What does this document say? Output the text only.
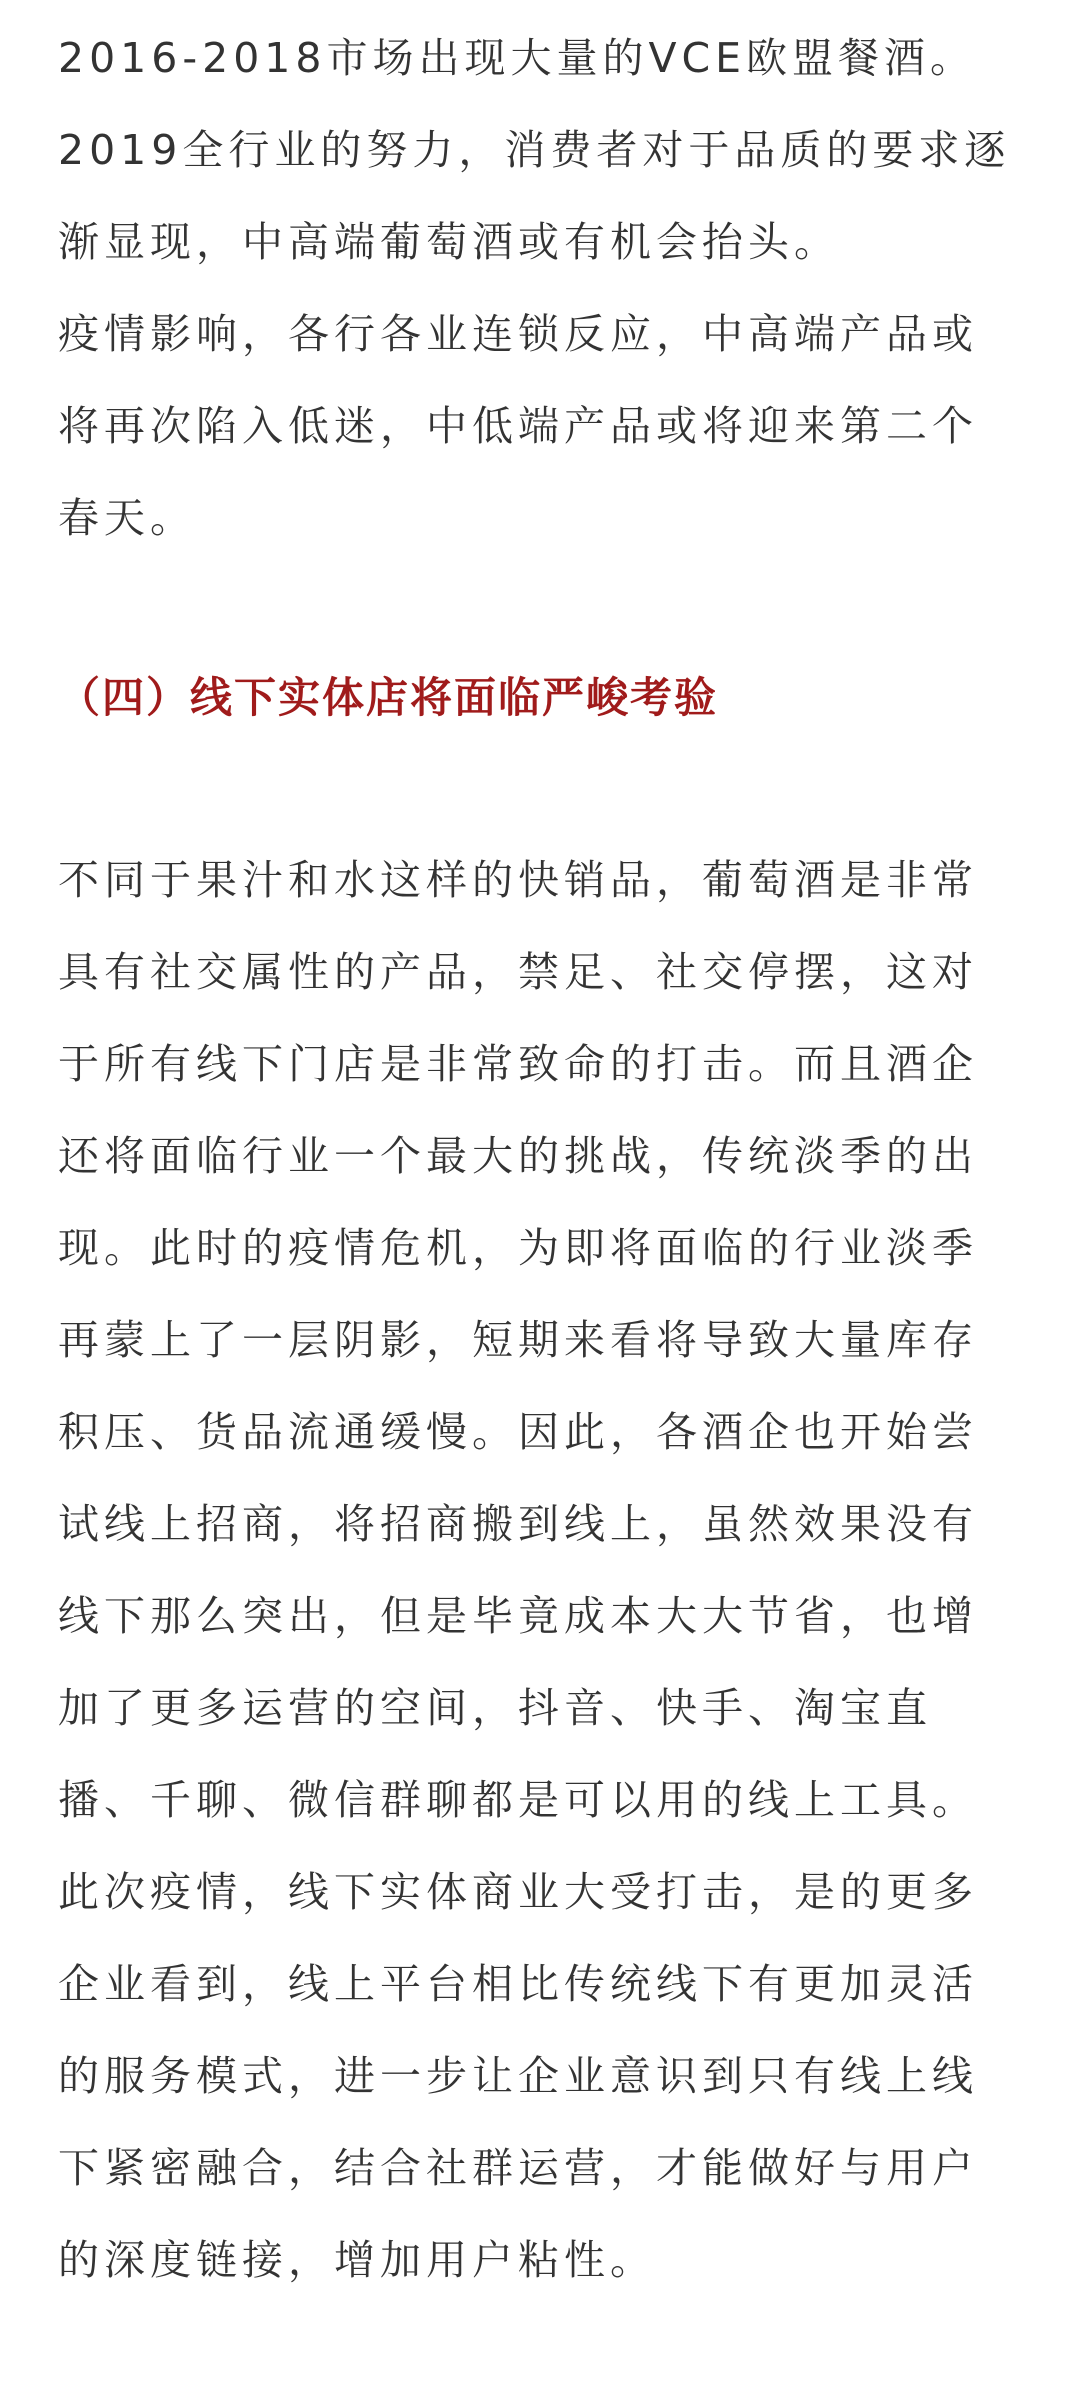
2016-2018市场出现大量的VCE欧盟餐酒。
2019全行业的努力，消费者对于品质的要求逐
渐显现，中高端葡萄酒或有机会抬头。
疫情影响，各行各业连锁反应，中高端产品或
将再次陷入低迷，中低端产品或将迎来第二个
春天。
（四）线下实体店将面临严峻考验
不同于果汁和水这样的快销品，葡萄酒是非常
具有社交属性的产品，禁足、社交停摆，这对
于所有线下门店是非常致命的打击。而且酒企
还将面临行业一个最大的挑战，传统淡季的出
现。此时的疫情危机，为即将面临的行业淡季
再蒙上了一层阴影，短期来看将导致大量库存
积压、货品流通缓慢。因此，各酒企也开始尝
试线上招商，将招商搬到线上，虽然效果没有
线下那么突出，但是毕竟成本大大节省，也增
加了更多运营的空间，抖音、快手、淘宝直
播、千聊、微信群聊都是可以用的线上工具。
此次疫情，线下实体商业大受打击，是的更多
企业看到，线上平台相比传统线下有更加灵活
的服务模式，进一步让企业意识到只有线上线
下紧密融合，结合社群运营，才能做好与用户
的深度链接，增加用户粘性。
